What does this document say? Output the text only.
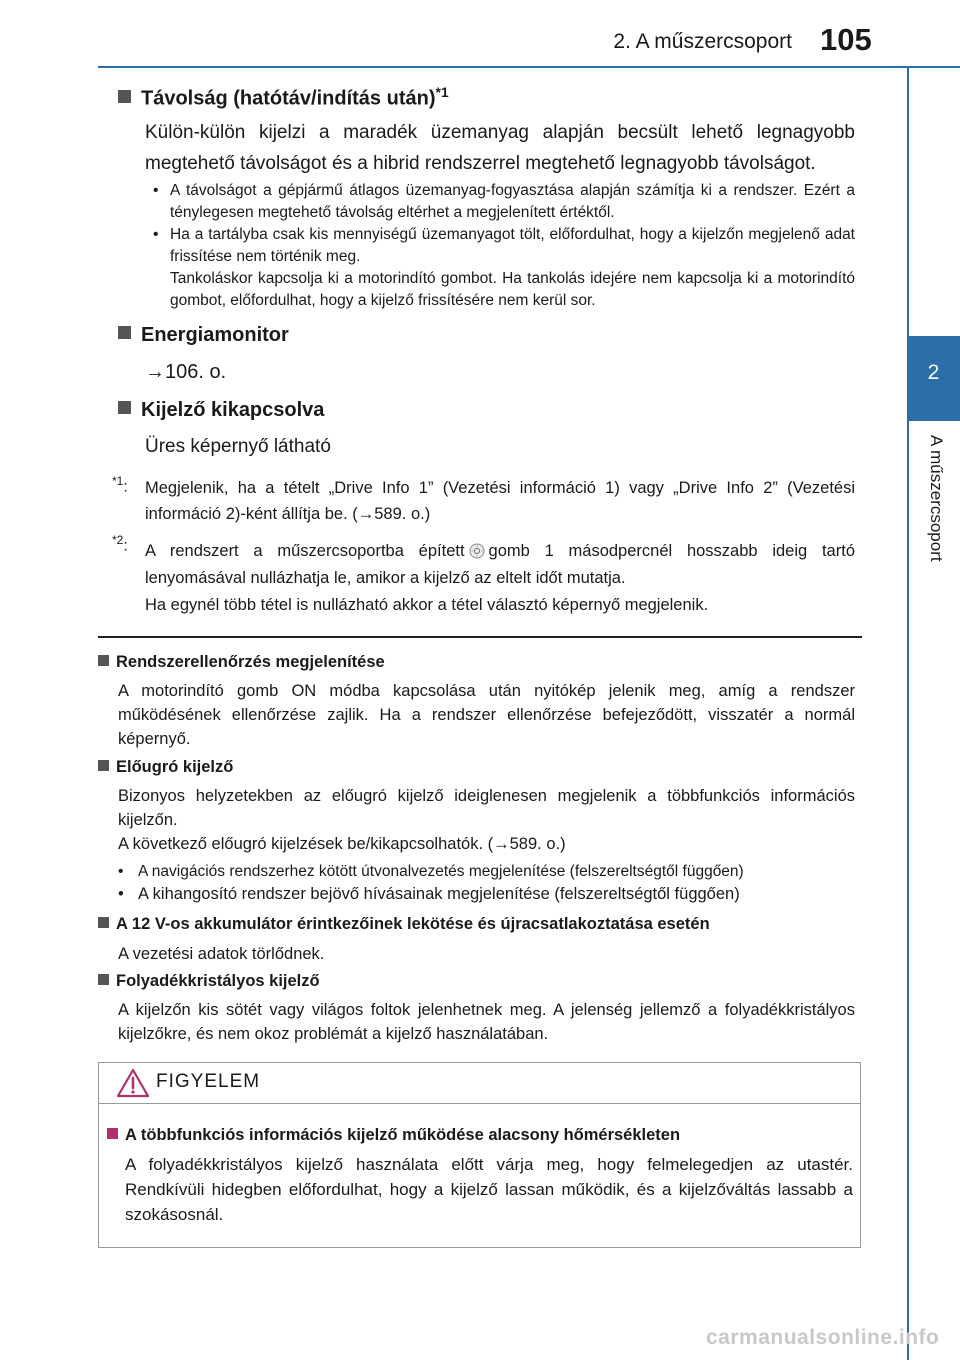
2. A műszercsoport 105
2
A műszercsoport
Távolság (hatótáv/indítás után)$^{*1}$
Külön-külön kijelzi a maradék üzemanyag alapján becsült lehető legnagyobb megtehető távolságot és a hibrid rendszerrel megtehető legnagyobb távolságot.
• A távolságot a gépjármű átlagos üzemanyag-fogyasztása alapján számítja ki a rendszer. Ezért a ténylegesen megtehető távolság eltérhet a megjelenített értéktől.
• Ha a tartályba csak kis mennyiségű üzemanyagot tölt, előfordulhat, hogy a kijelzőn megjelenő adat frissítése nem történik meg.
Tankoláskor kapcsolja ki a motorindító gombot. Ha tankolás idejére nem kapcsolja ki a motorindító gombot, előfordulhat, hogy a kijelző frissítésére nem kerül sor.
Energiamonitor
→106. o.
Kijelző kikapcsolva
Üres képernyő látható
$^{*1}$: Megjelenik, ha a tételt „Drive Info 1” (Vezetési információ 1) vagy „Drive Info 2” (Vezetési információ 2)-ként állítja be. (→589. o.)
$^{*2}$: A rendszert a műszercsoportba épített gomb 1 másodpercnél hosszabb ideig tartó lenyomásával nullázhatja le, amikor a kijelző az eltelt időt mutatja.
Ha egynél több tétel is nullázható akkor a tétel választó képernyő megjelenik.
Rendszerellenőrzés megjelenítése
A motorindító gomb ON módba kapcsolása után nyitókép jelenik meg, amíg a rendszer működésének ellenőrzése zajlik. Ha a rendszer ellenőrzése befejeződött, visszatér a normál képernyő.
Előugró kijelző
Bizonyos helyzetekben az előugró kijelző ideiglenesen megjelenik a többfunkciós információs kijelzőn.
A következő előugró kijelzések be/kikapcsolhatók. (→589. o.)
• A navigációs rendszerhez kötött útvonalvezetés megjelenítése (felszereltségtől függően)
• A kihangosító rendszer bejövő hívásainak megjelenítése (felszereltségtől függően)
A 12 V-os akkumulátor érintkezőinek lekötése és újracsatlakoztatása esetén
A vezetési adatok törlődnek.
Folyadékkristályos kijelző
A kijelzőn kis sötét vagy világos foltok jelenhetnek meg. A jelenség jellemző a folyadékkristályos kijelzőkre, és nem okoz problémát a kijelző használatában.
FIGYELEM
A többfunkciós információs kijelző működése alacsony hőmérsékleten
A folyadékkristályos kijelző használata előtt várja meg, hogy felmelegedjen az utastér. Rendkívüli hidegben előfordulhat, hogy a kijelző lassan működik, és a kijelzőváltás lassabb a szokásosnál.
carmanualsonline.info
